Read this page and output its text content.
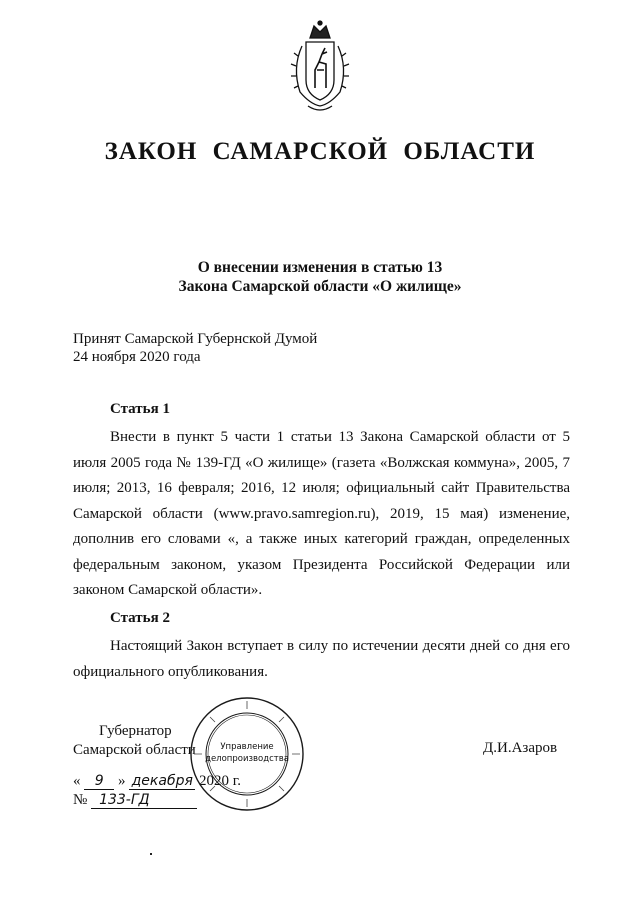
ЗАКОН САМАРСКОЙ ОБЛАСТИ
О внесении изменения в статью 13
Закона Самарской области «О жилище»
Принят Самарской Губернской Думой
24 ноября 2020 года
Статья 1
Внести в пункт 5 части 1 статьи 13 Закона Самарской области от 5 июля 2005 года № 139-ГД «О жилище» (газета «Волжская коммуна», 2005, 7 июля; 2013, 16 февраля; 2016, 12 июля; официальный сайт Правительства Самарской области (www.pravo.samregion.ru), 2019, 15 мая) изменение, дополнив его словами «, а также иных категорий граждан, определенных федеральным законом, указом Президента Российской Федерации или законом Самарской области».
Статья 2
Настоящий Закон вступает в силу по истечении десяти дней со дня его официального опубликования.
Губернатор
Самарской области	Д.И.Азаров
« 9 » декабря 2020 г.
№ 133-ГД
Управление
делопроизводства
